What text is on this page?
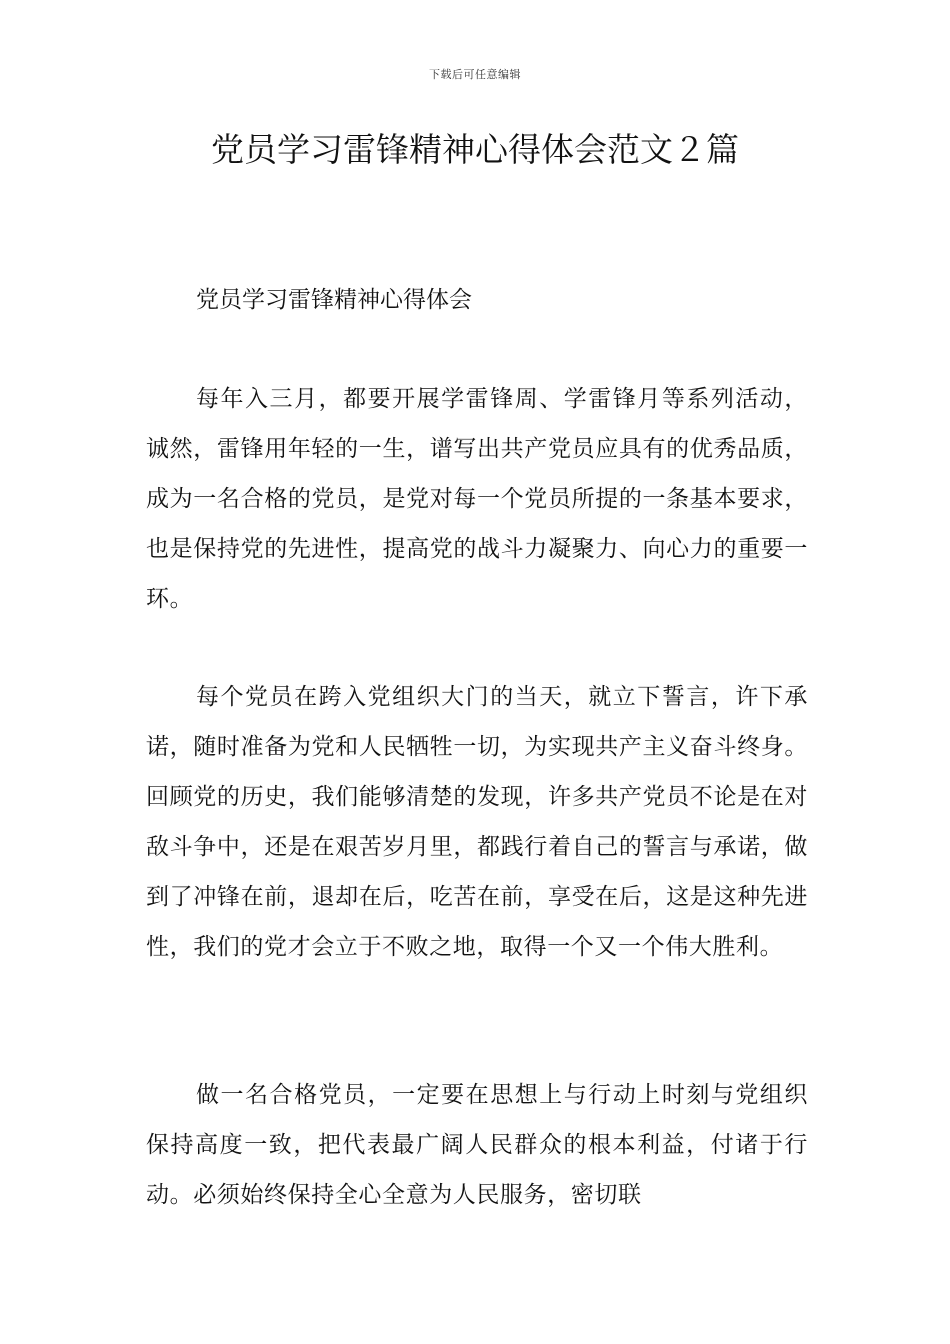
下载后可任意编辑
党员学习雷锋精神心得体会范文２篇

党员学习雷锋精神心得体会

每年入三月，都要开展学雷锋周、学雷锋月等系列活动，诚然，雷锋用年轻的一生，谱写出共产党员应具有的优秀品质，成为一名合格的党员，是党对每一个党员所提的一条基本要求，也是保持党的先进性，提高党的战斗力凝聚力、向心力的重要一环。

每个党员在跨入党组织大门的当天，就立下誓言，许下承诺，随时准备为党和人民牺牲一切，为实现共产主义奋斗终身。回顾党的历史，我们能够清楚的发现，许多共产党员不论是在对敌斗争中，还是在艰苦岁月里，都践行着自己的誓言与承诺，做到了冲锋在前，退却在后，吃苦在前，享受在后，这是这种先进性，我们的党才会立于不败之地，取得一个又一个伟大胜利。

做一名合格党员，一定要在思想上与行动上时刻与党组织保持高度一致，把代表最广阔人民群众的根本利益，付诸于行动。必须始终保持全心全意为人民服务，密切联
